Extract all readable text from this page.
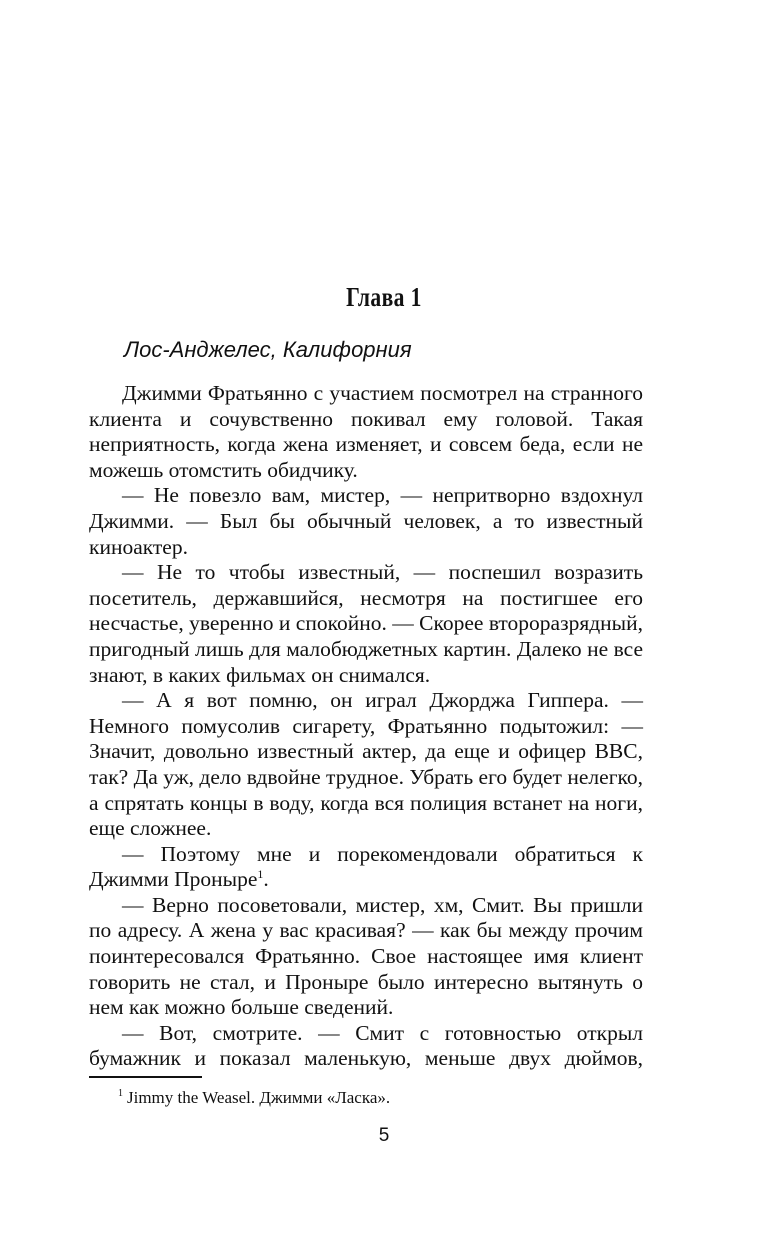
Глава 1

Лос-Анджелес, Калифорния

Джимми Фратьянно с участием посмотрел на странного клиента и сочувственно покивал ему головой. Такая неприятность, когда жена изменяет, и совсем беда, если не можешь отомстить обидчику.

— Не повезло вам, мистер, — непритворно вздохнул Джимми. — Был бы обычный человек, а то известный киноактер.

— Не то чтобы известный, — поспешил возразить посетитель, державшийся, несмотря на постигшее его несчастье, уверенно и спокойно. — Скорее второразрядный, пригодный лишь для малобюджетных картин. Далеко не все знают, в каких фильмах он снимался.

— А я вот помню, он играл Джорджа Гиппера. — Немного помусолив сигарету, Фратьянно подытожил: — Значит, довольно известный актер, да еще и офицер ВВС, так? Да уж, дело вдвойне трудное. Убрать его будет нелегко, а спрятать концы в воду, когда вся полиция встанет на ноги, еще сложнее.

— Поэтому мне и порекомендовали обратиться к Джимми Проныре$^1$.

— Верно посоветовали, мистер, хм, Смит. Вы пришли по адресу. А жена у вас красивая? — как бы между прочим поинтересовался Фратьянно. Свое настоящее имя клиент говорить не стал, и Проныре было интересно вытянуть о нем как можно больше сведений.

— Вот, смотрите. — Смит с готовностью открыл бумажник и показал маленькую, меньше двух дюймов,

$^1$ Jimmy the Weasel. Джимми «Ласка».
5
